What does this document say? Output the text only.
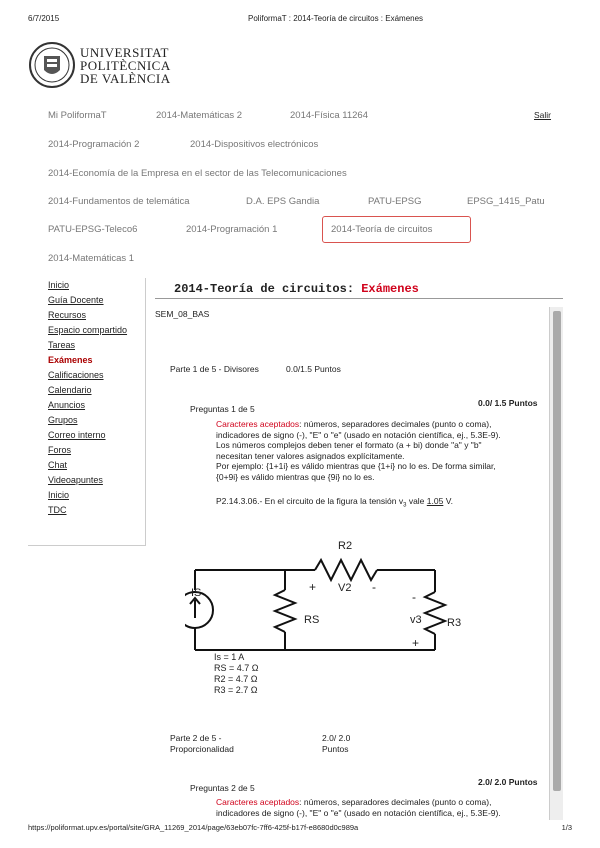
6/7/2015	PoliformaT : 2014-Teoría de circuitos : Exámenes
UNIVERSITAT
POLITÈCNICA
DE VALÈNCIA
Mi PoliformaT	2014-Matemáticas 2	2014-Física 11264	Salir
2014-Programación 2	2014-Dispositivos electrónicos
2014-Economía de la Empresa en el sector de las Telecomunicaciones
2014-Fundamentos de telemática	D.A. EPS Gandia	PATU-EPSG	EPSG_1415_Patu
PATU-EPSG-Teleco6	2014-Programación 1	2014-Teoría de circuitos
2014-Matemáticas 1
Inicio
Guía Docente
Recursos
Espacio compartido
Tareas
Exámenes
Calificaciones
Calendario
Anuncios
Grupos
Correo interno
Foros
Chat
Videoapuntes
Inicio
TDC
2014-Teoría de circuitos: Exámenes
SEM_08_BAS
Parte 1 de 5 - Divisores	0.0/1.5 Puntos
Preguntas 1 de 5
0.0/ 1.5 Puntos
Caracteres aceptados: números, separadores decimales (punto o coma),
indicadores de signo (-), "E" o "e" (usado en notación científica, ej., 5.3E-9).
Los números complejos deben tener el formato (a + bi) donde "a" y "b"
necesitan tener valores asignados explícitamente.
Por ejemplo: {1+1i} es válido mientras que {1+i} no lo es. De forma similar,
{0+9i} es válido mientras que {9i} no lo es.
P2.14.3.06.- En el circuito de la figura la tensión $v_3$ vale 1.05 V.
IS
R2
RS	R3
V2
v3
+	-
-
+
Is = 1 A
RS = 4.7 Ω
R2 = 4.7 Ω
R3 = 2.7 Ω
Parte 2 de 5 - Proporcionalidad
2.0/ 2.0 Puntos
Preguntas 2 de 5
2.0/ 2.0 Puntos
Caracteres aceptados: números, separadores decimales (punto o coma),
indicadores de signo (-), "E" o "e" (usado en notación científica, ej., 5.3E-9).
https://poliformat.upv.es/portal/site/GRA_11269_2014/page/63eb07fc-7ff6-425f-b17f-e8680d0c989a	1/3
